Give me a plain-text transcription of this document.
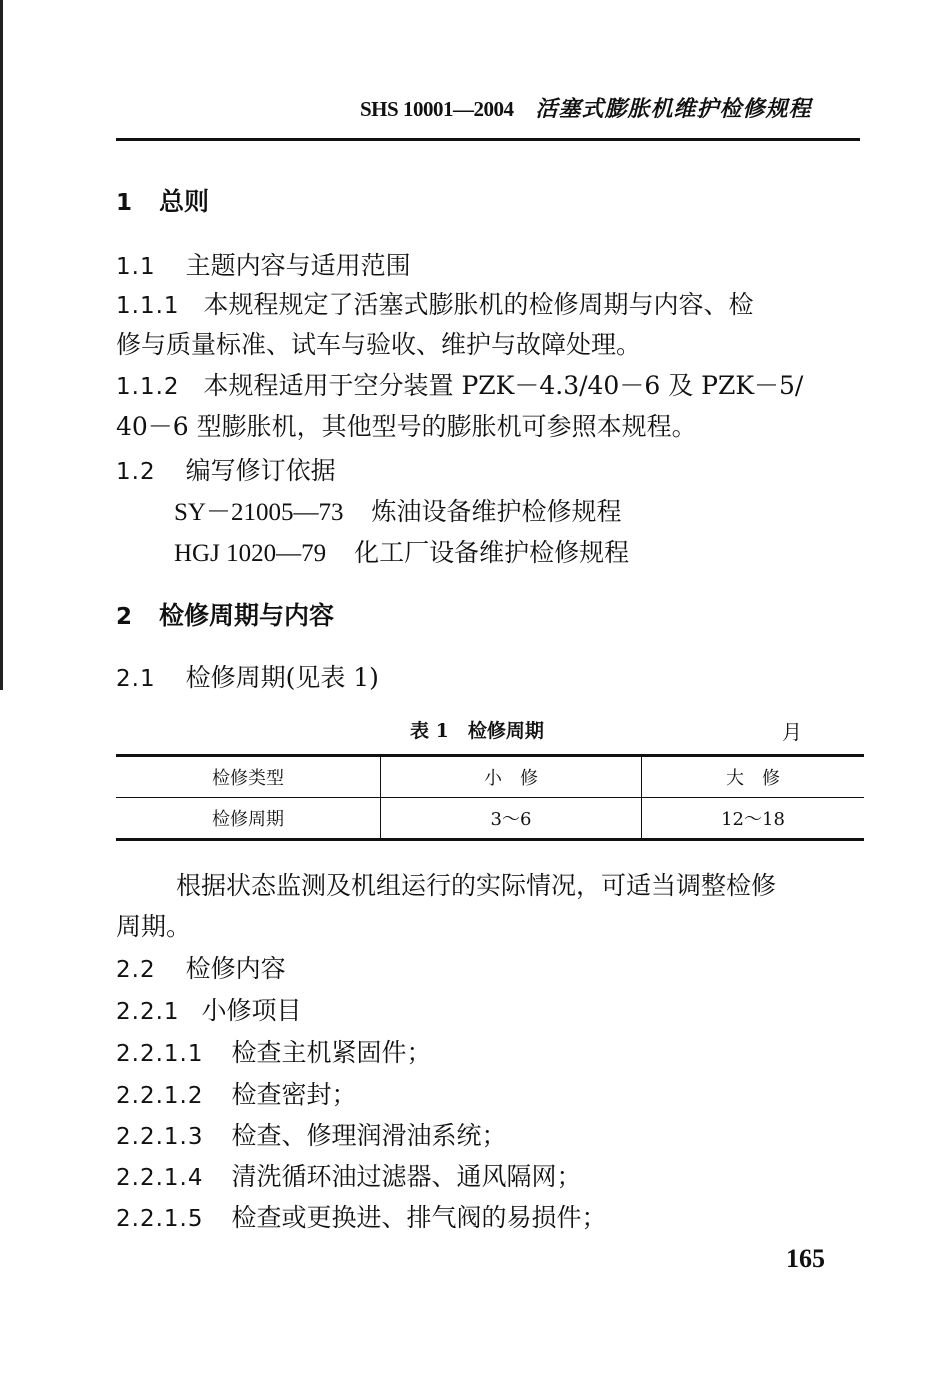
SHS 10001—2004 活塞式膨胀机维护检修规程
1 总则
1.1 主题内容与适用范围
1.1.1 本规程规定了活塞式膨胀机的检修周期与内容、检
修与质量标准、试车与验收、维护与故障处理。
1.1.2 本规程适用于空分装置 PZK－4.3/40－6 及 PZK－5/
40－6 型膨胀机，其他型号的膨胀机可参照本规程。
1.2 编写修订依据
SY－21005—73 炼油设备维护检修规程
HGJ 1020—79 化工厂设备维护检修规程
2 检修周期与内容
2.1 检修周期(见表 1)
表 1　检修周期	月
检修类型	小　修	大　修
检修周期	3～6	12～18
根据状态监测及机组运行的实际情况，可适当调整检修
周期。
2.2 检修内容
2.2.1 小修项目
2.2.1.1 检查主机紧固件；
2.2.1.2 检查密封；
2.2.1.3 检查、修理润滑油系统；
2.2.1.4 清洗循环油过滤器、通风隔网；
2.2.1.5 检查或更换进、排气阀的易损件；
165
